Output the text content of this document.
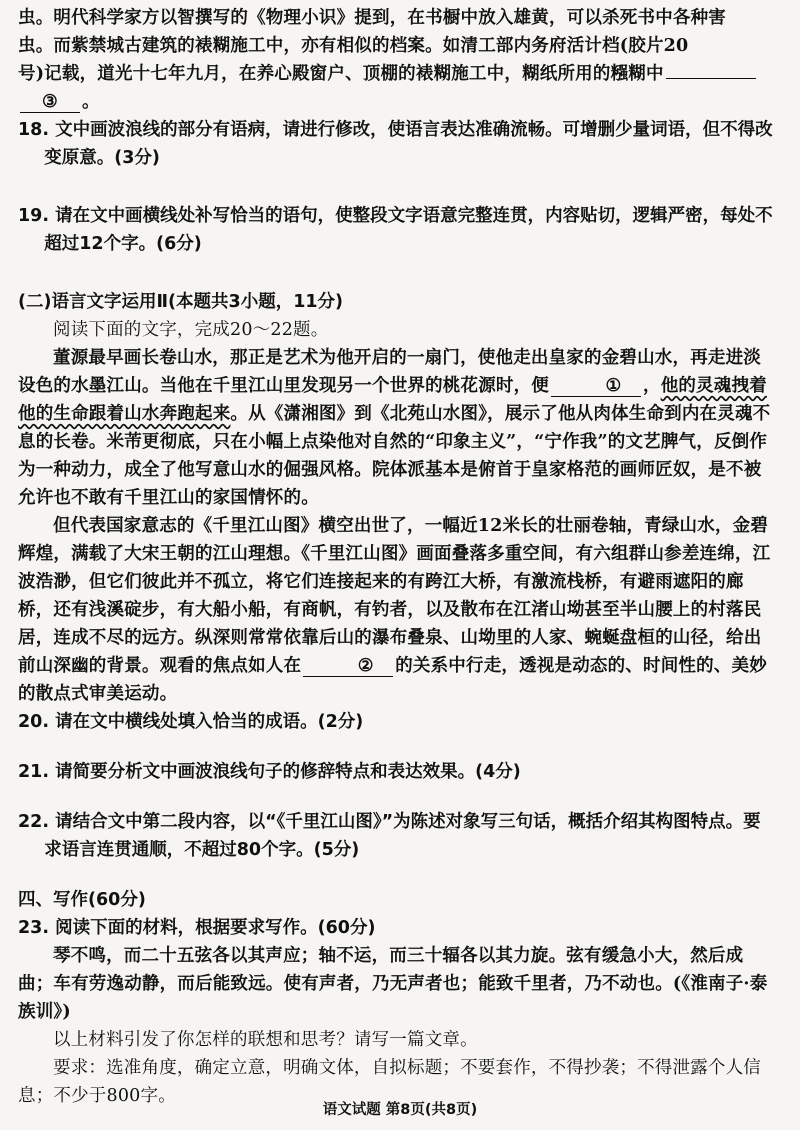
虫。明代科学家方以智撰写的《物理小识》提到，在书橱中放入雄黄，可以杀死书中各种害
虫。而紫禁城古建筑的裱糊施工中，亦有相似的档案。如清工部内务府活计档(胶片20
号)记载，道光十七年九月，在养心殿窗户、顶棚的裱糊施工中，糊纸所用的糨糊中
③ 。

18. 文中画波浪线的部分有语病，请进行修改，使语言表达准确流畅。可增删少量词语，但不得改变原意。(3分)

19. 请在文中画横线处补写恰当的语句，使整段文字语意完整连贯，内容贴切，逻辑严密，每处不超过12个字。(6分)

(二)语言文字运用Ⅱ(本题共3小题，11分)

阅读下面的文字，完成20～22题。

董源最早画长卷山水，那正是艺术为他开启的一扇门，使他走出皇家的金碧山水，再走进淡设色的水墨江山。当他在千里江山里发现另一个世界的桃花源时，便	① ，他的灵魂拽着他的生命跟着山水奔跑起来。从《潇湘图》到《北苑山水图》，展示了他从肉体生命到内在灵魂不息的长卷。米芾更彻底，只在小幅上点染他对自然的“印象主义”，“宁作我”的文艺脾气，反倒作为一种动力，成全了他写意山水的倔强风格。院体派基本是俯首于皇家格范的画师匠奴，是不被允许也不敢有千里江山的家国情怀的。

但代表国家意志的《千里江山图》横空出世了，一幅近12米长的壮丽卷轴，青绿山水，金碧辉煌，满载了大宋王朝的江山理想。《千里江山图》画面叠落多重空间，有六组群山参差连绵，江波浩渺，但它们彼此并不孤立，将它们连接起来的有跨江大桥，有激流栈桥，有避雨遮阳的廊桥，还有浅溪碇步，有大船小船，有商帆，有钓者，以及散布在江渚山坳甚至半山腰上的村落民居，连成不尽的远方。纵深则常常依靠后山的瀑布叠泉、山坳里的人家、蜿蜒盘桓的山径，给出前山深幽的背景。观看的焦点如人在	② 的关系中行走，透视是动态的、时间性的、美妙的散点式审美运动。

20. 请在文中横线处填入恰当的成语。(2分)

21. 请简要分析文中画波浪线句子的修辞特点和表达效果。(4分)

22. 请结合文中第二段内容，以“《千里江山图》”为陈述对象写三句话，概括介绍其构图特点。要求语言连贯通顺，不超过80个字。(5分)

四、写作(60分)

23. 阅读下面的材料，根据要求写作。(60分)

琴不鸣，而二十五弦各以其声应；轴不运，而三十辐各以其力旋。弦有缓急小大，然后成曲；车有劳逸动静，而后能致远。使有声者，乃无声者也；能致千里者，乃不动也。(《淮南子·泰族训》)

以上材料引发了你怎样的联想和思考？请写一篇文章。

要求：选准角度，确定立意，明确文体，自拟标题；不要套作，不得抄袭；不得泄露个人信息；不少于800字。

语文试题 第8页(共8页)
